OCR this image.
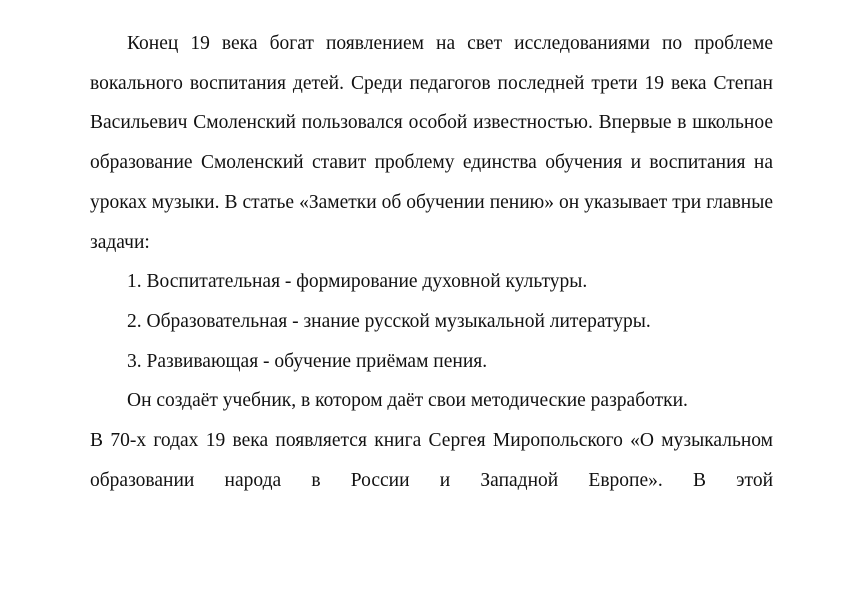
Конец 19 века богат появлением на свет исследованиями по проблеме вокального воспитания детей. Среди педагогов последней трети 19 века Степан Васильевич Смоленский пользовался особой известностью. Впервые в школьное образование Смоленский ставит проблему единства обучения и воспитания на уроках музыки. В статье «Заметки об обучении пению» он указывает три главные задачи:

1. Воспитательная - формирование духовной культуры.

2. Образовательная - знание русской музыкальной литературы.

3. Развивающая - обучение приёмам пения.

Он создаёт учебник, в котором даёт свои методические разработки.

В 70-х годах 19 века появляется книга Сергея Миропольского «О музыкальном образовании народа в России и Западной Европе». В этой
